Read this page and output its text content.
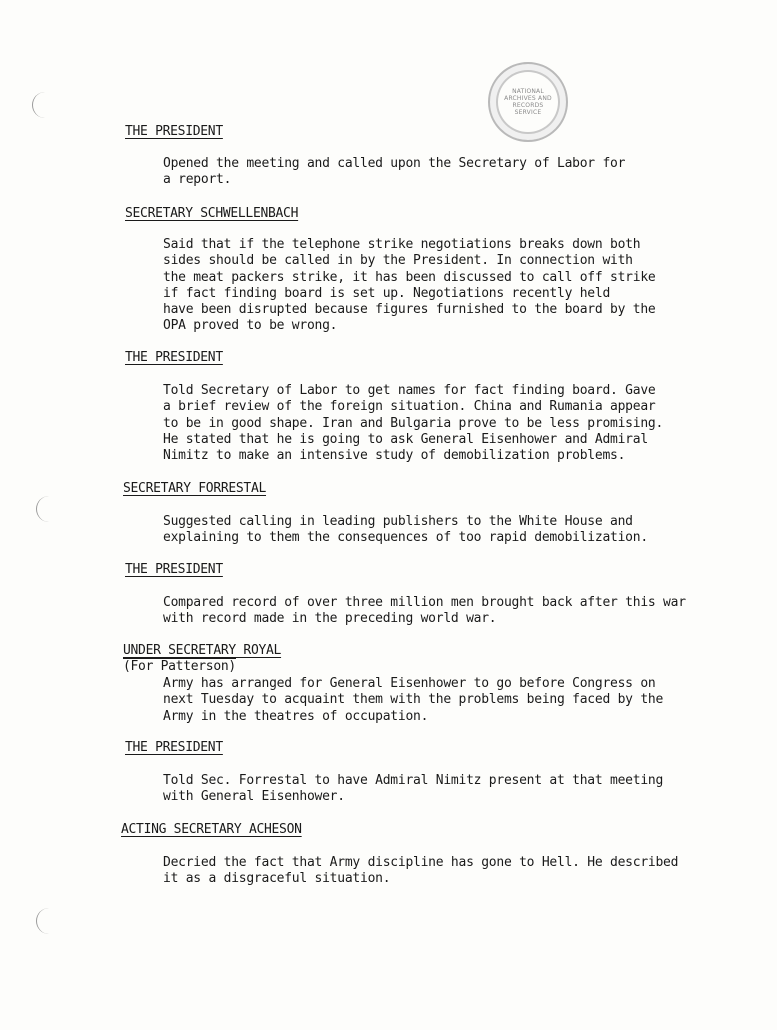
NATIONAL
ARCHIVES AND
RECORDS
SERVICE
THE PRESIDENT
Opened the meeting and called upon the Secretary of Labor for
a report.
SECRETARY SCHWELLENBACH
Said that if the telephone strike negotiations breaks down both
sides should be called in by the President. In connection with
the meat packers strike, it has been discussed to call off strike
if fact finding board is set up. Negotiations recently held
have been disrupted because figures furnished to the board by the
OPA proved to be wrong.
THE PRESIDENT
Told Secretary of Labor to get names for fact finding board. Gave
a brief review of the foreign situation. China and Rumania appear
to be in good shape. Iran and Bulgaria prove to be less promising.
He stated that he is going to ask General Eisenhower and Admiral
Nimitz to make an intensive study of demobilization problems.
SECRETARY FORRESTAL
Suggested calling in leading publishers to the White House and
explaining to them the consequences of too rapid demobilization.
THE PRESIDENT
Compared record of over three million men brought back after this war
with record made in the preceding world war.
UNDER SECRETARY ROYAL
(For Patterson)
Army has arranged for General Eisenhower to go before Congress on
next Tuesday to acquaint them with the problems being faced by the
Army in the theatres of occupation.
THE PRESIDENT
Told Sec. Forrestal to have Admiral Nimitz present at that meeting
with General Eisenhower.
ACTING SECRETARY ACHESON
Decried the fact that Army discipline has gone to Hell. He described
it as a disgraceful situation.
